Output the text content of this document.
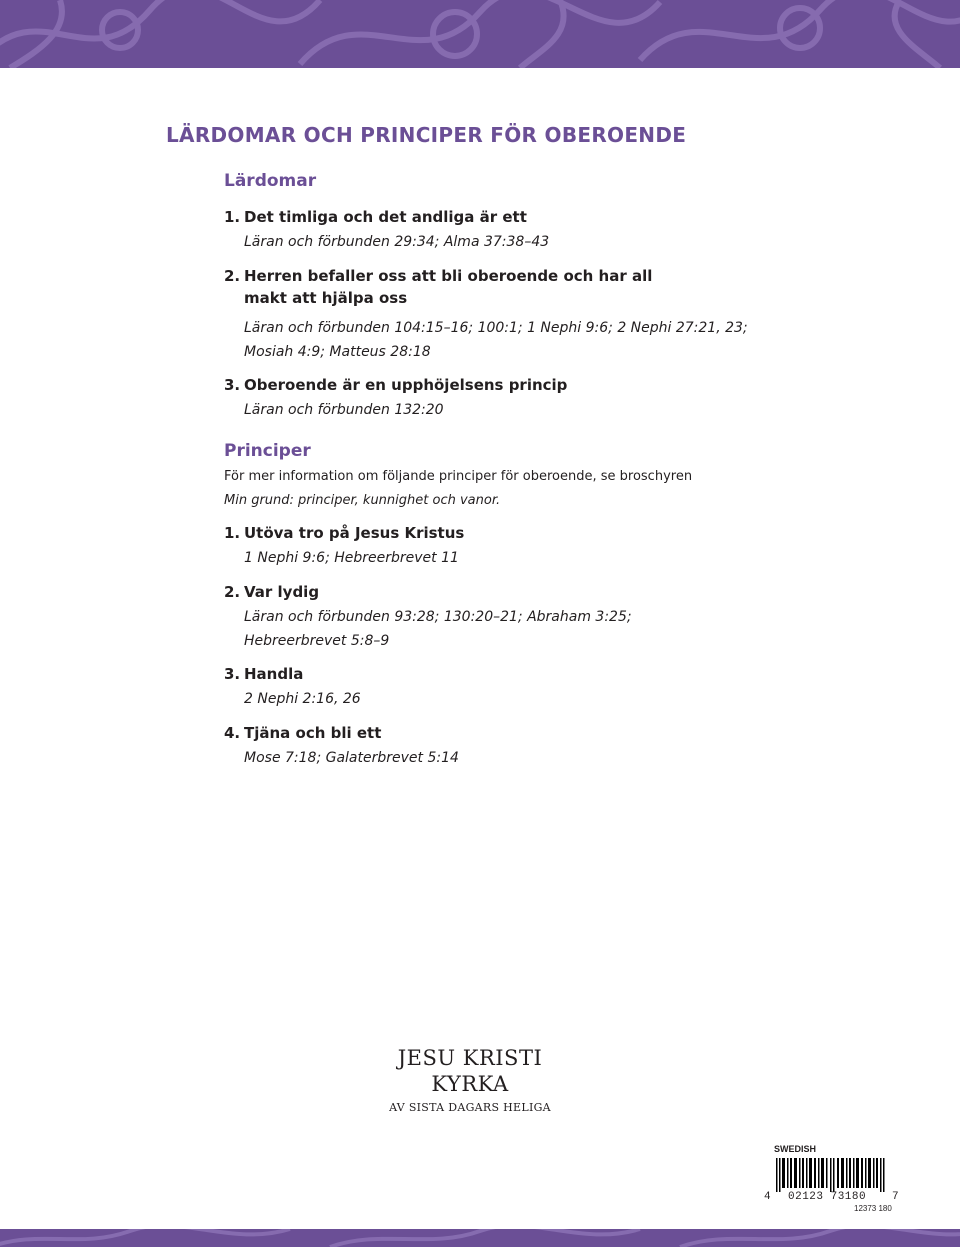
LÄRDOMAR OCH PRINCIPER FÖR OBEROENDE
Lärdomar
1. Det timliga och det andliga är ett

Läran och förbunden 29:34; Alma 37:38–43

2. Herren befaller oss att bli oberoende och har all makt att hjälpa oss

Läran och förbunden 104:15–16; 100:1; 1 Nephi 9:6; 2 Nephi 27:21, 23;

Mosiah 4:9; Matteus 28:18

3. Oberoende är en upphöjelsens princip

Läran och förbunden 132:20

Principer

För mer information om följande principer för oberoende, se broschyren
Min grund: principer, kunnighet och vanor.

1. Utöva tro på Jesus Kristus

1 Nephi 9:6; Hebreerbrevet 11

2. Var lydig

Läran och förbunden 93:28; 130:20–21; Abraham 3:25;

Hebreerbrevet 5:8–9

3. Handla

2 Nephi 2:16, 26

4. Tjäna och bli ett

Mose 7:18; Galaterbrevet 5:14

JESU KRISTI
KYRKA
AV SISTA DAGARS HELIGA
SWEDISH
4 02123 73180 7
12373 180
